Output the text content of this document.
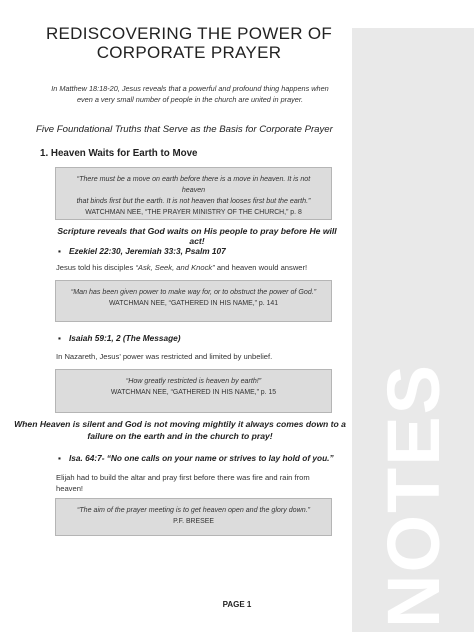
NOTES
REDISCOVERING THE POWER OF
CORPORATE PRAYER
In Matthew 18:18-20, Jesus reveals that a powerful and profound thing happens when
even a very small number of people in the church are united in prayer.
Five Foundational Truths that Serve as the Basis for Corporate Prayer
1. Heaven Waits for Earth to Move
“There must be a move on earth before there is a move in heaven. It is not heaven
that binds first but the earth. It is not heaven that looses first but the earth.”
WATCHMAN NEE, “THE PRAYER MINISTRY OF THE CHURCH,” p. 8
Scripture reveals that God waits on His people to pray before He will act!
▪ Ezekiel 22:30, Jeremiah 33:3, Psalm 107
Jesus told his disciples “Ask, Seek, and Knock” and heaven would answer!
“Man has been given power to make way for, or to obstruct the power of God.”
WATCHMAN NEE, “GATHERED IN HIS NAME,” p. 141
▪ Isaiah 59:1, 2 (The Message)
In Nazareth, Jesus’ power was restricted and limited by unbelief.
“How greatly restricted is heaven by earth!”
WATCHMAN NEE, “GATHERED IN HIS NAME,” p. 15
When Heaven is silent and God is not moving mightily it always comes down to a
failure on the earth and in the church to pray!
▪ Isa. 64:7- “No one calls on your name or strives to lay hold of you.”
Elijah had to build the altar and pray first before there was fire and rain from
heaven!
“The aim of the prayer meeting is to get heaven open and the glory down.”
P.F. BRESEE
PAGE 1
